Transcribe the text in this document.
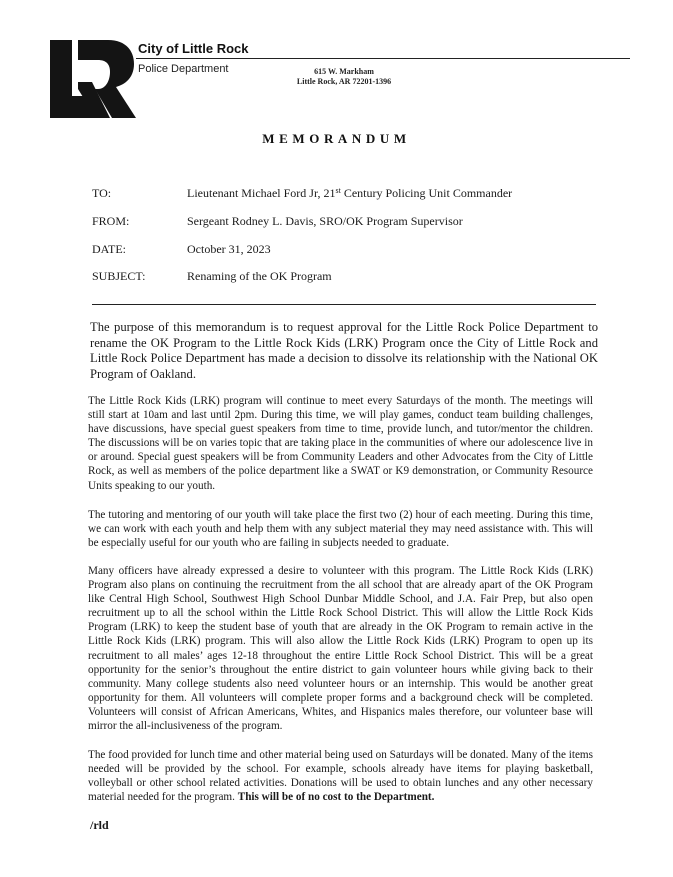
City of Little Rock
Police Department	615 W. Markham
Little Rock, AR 72201-1396
MEMORANDUM
TO:	Lieutenant Michael Ford Jr, 21st Century Policing Unit Commander
FROM:	Sergeant Rodney L. Davis, SRO/OK Program Supervisor
DATE:	October 31, 2023
SUBJECT:	Renaming of the OK Program

The purpose of this memorandum is to request approval for the Little Rock Police Department to rename the OK Program to the Little Rock Kids (LRK) Program once the City of Little Rock and Little Rock Police Department has made a decision to dissolve its relationship with the National OK Program of Oakland.

The Little Rock Kids (LRK) program will continue to meet every Saturdays of the month. The meetings will still start at 10am and last until 2pm. During this time, we will play games, conduct team building challenges, have discussions, have special guest speakers from time to time, provide lunch, and tutor/mentor the children. The discussions will be on varies topic that are taking place in the communities of where our adolescence live in or around. Special guest speakers will be from Community Leaders and other Advocates from the City of Little Rock, as well as members of the police department like a SWAT or K9 demonstration, or Community Resource Units speaking to our youth.

The tutoring and mentoring of our youth will take place the first two (2) hour of each meeting. During this time, we can work with each youth and help them with any subject material they may need assistance with. This will be especially useful for our youth who are failing in subjects needed to graduate.

Many officers have already expressed a desire to volunteer with this program. The Little Rock Kids (LRK) Program also plans on continuing the recruitment from the all school that are already apart of the OK Program like Central High School, Southwest High School Dunbar Middle School, and J.A. Fair Prep, but also open recruitment up to all the school within the Little Rock School District. This will allow the Little Rock Kids Program (LRK) to keep the student base of youth that are already in the OK Program to remain active in the Little Rock Kids (LRK) program. This will also allow the Little Rock Kids (LRK) Program to open up its recruitment to all males’ ages 12-18 throughout the entire Little Rock School District. This will be a great opportunity for the senior’s throughout the entire district to gain volunteer hours while giving back to their community. Many college students also need volunteer hours or an internship. This would be another great opportunity for them. All volunteers will complete proper forms and a background check will be completed. Volunteers will consist of African Americans, Whites, and Hispanics males therefore, our volunteer base will mirror the all-inclusiveness of the program.

The food provided for lunch time and other material being used on Saturdays will be donated. Many of the items needed will be provided by the school. For example, schools already have items for playing basketball, volleyball or other school related activities. Donations will be used to obtain lunches and any other necessary material needed for the program. This will be of no cost to the Department.

/rld
